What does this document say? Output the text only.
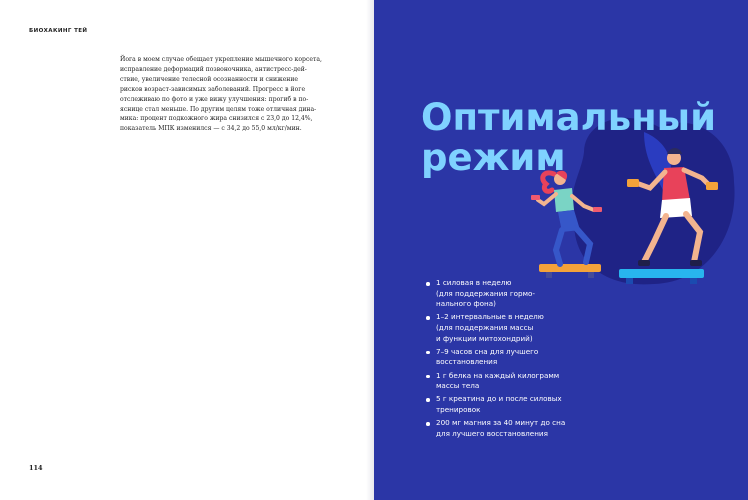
БИОХАКИНГ ТЕЙ

Йога в моем случае обещает укрепление мышечного корсета,
исправление деформаций позвоночника, антистресс-дей-
ствие, увеличение телесной осознанности и снижение
рисков возраст-зависимых заболеваний. Прогресс в йоге
отслеживаю по фото и уже вижу улучшения: прогиб в по-
яснице стал меньше. По другим целям тоже отличная дина-
мика: процент подкожного жира снизился с 23,0 до 12,4%,
показатель МПК изменился — с 34,2 до 55,0 мл/кг/мин.

114
Оптимальный
режим
1 силовая в неделю
(для поддержания гормо-
нального фона)
1–2 интервальные в неделю
(для поддержания массы
и функции митохондрий)
7–9 часов сна для лучшего
восстановления
1 г белка на каждый килограмм
массы тела
5 г креатина до и после силовых
тренировок
200 мг магния за 40 минут до сна
для лучшего восстановления
